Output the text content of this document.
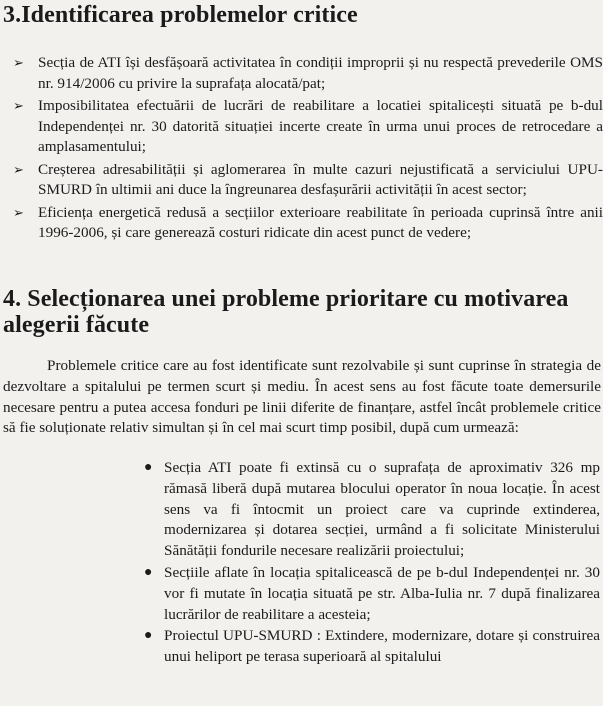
3.Identificarea problemelor critice
➢ Secția de ATI își desfășoară activitatea în condiții improprii și nu respectă prevederile OMS nr. 914/2006 cu privire la suprafața alocată/pat;
➢ Imposibilitatea efectuării de lucrări de reabilitare a locatiei spitalicești situată pe b-dul Independenței nr. 30 datorită situației incerte create în urma unui proces de retrocedare a amplasamentului;
➢ Creșterea adresabilității și aglomerarea în multe cazuri nejustificată a serviciului UPU-SMURD în ultimii ani duce la îngreunarea desfașurării activității în acest sector;
➢ Eficiența energetică redusă a secțiilor exterioare reabilitate în perioada cuprinsă între anii 1996-2006, și care generează costuri ridicate din acest punct de vedere;
4. Selecționarea unei probleme prioritare cu motivarea alegerii făcute
Problemele critice care au fost identificate sunt rezolvabile și sunt cuprinse în strategia de dezvoltare a spitalului pe termen scurt și mediu. În acest sens au fost făcute toate demersurile necesare pentru a putea accesa fonduri pe linii diferite de finanțare, astfel încât problemele critice să fie soluționate relativ simultan și în cel mai scurt timp posibil, după cum urmează:
● Secția ATI poate fi extinsă cu o suprafața de aproximativ 326 mp rămasă liberă după mutarea blocului operator în noua locație. În acest sens va fi întocmit un proiect care va cuprinde extinderea, modernizarea și dotarea secției, urmând a fi solicitate Ministerului Sănătății fondurile necesare realizării proiectului;
● Secțiile aflate în locația spitalicească de pe b-dul Independenței nr. 30 vor fi mutate în locația situată pe str. Alba-Iulia nr. 7 după finalizarea lucrărilor de reabilitare a acesteia;
● Proiectul UPU-SMURD : Extindere, modernizare, dotare și construirea unui heliport pe terasa superioară al spitalului
